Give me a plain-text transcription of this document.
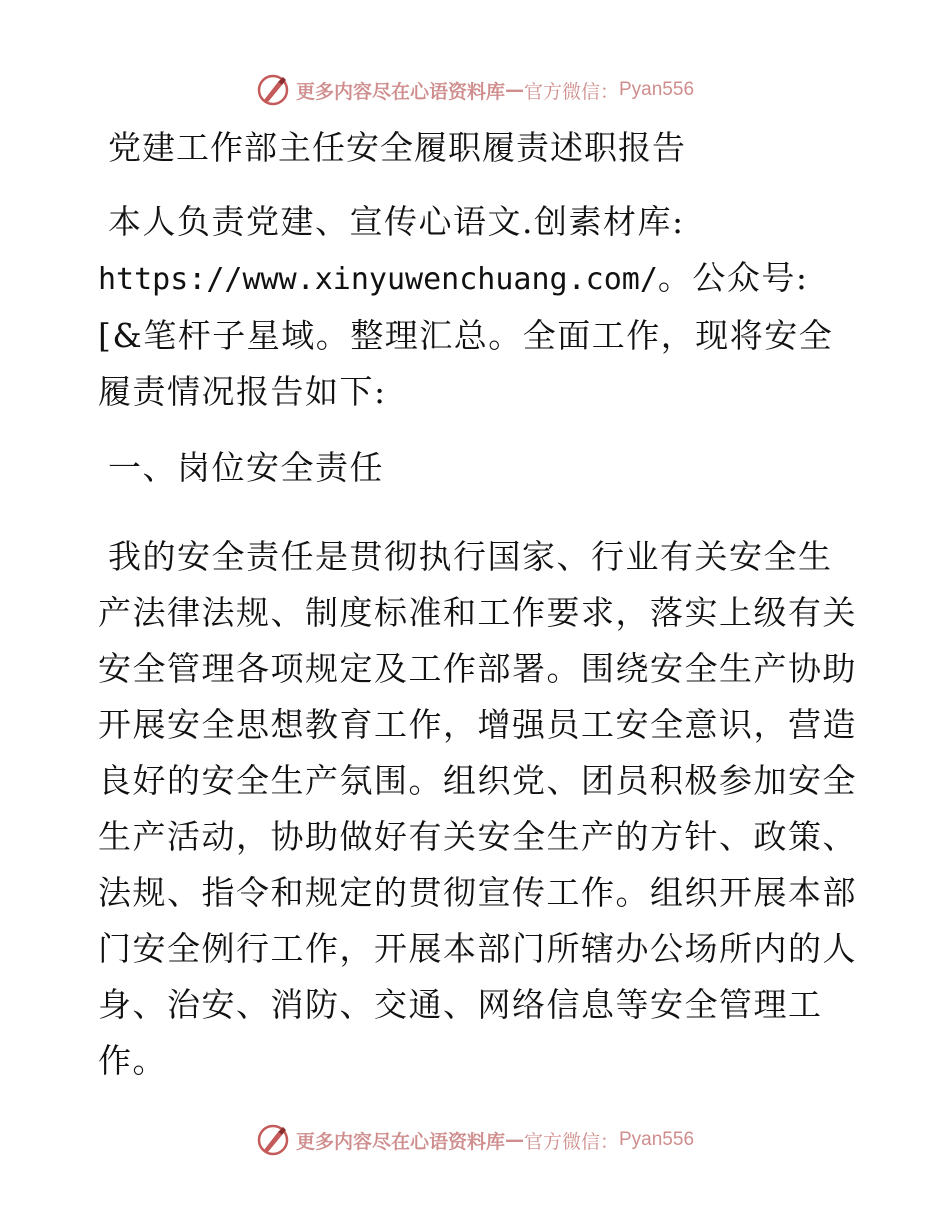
更多内容尽在心语资料库 — 官方微信： Pyan556
党建工作部主任安全履职履责述职报告

本人负责党建、宣传心语文.创素材库:
https://www.xinyuwenchuang.com/。公众号: [&笔杆子星域。整理汇总。全面工作，现将安全履责情况报告如下:

一、岗位安全责任

我的安全责任是贯彻执行国家、行业有关安全生产法律法规、制度标准和工作要求，落实上级有关安全管理各项规定及工作部署。围绕安全生产协助开展安全思想教育工作，增强员工安全意识，营造良好的安全生产氛围。组织党、团员积极参加安全生产活动，协助做好有关安全生产的方针、政策、法规、指令和规定的贯彻宣传工作。组织开展本部门安全例行工作，开展本部门所辖办公场所内的人身、治安、消防、交通、网络信息等安全管理工作。

更多内容尽在心语资料库 — 官方微信： Pyan556
